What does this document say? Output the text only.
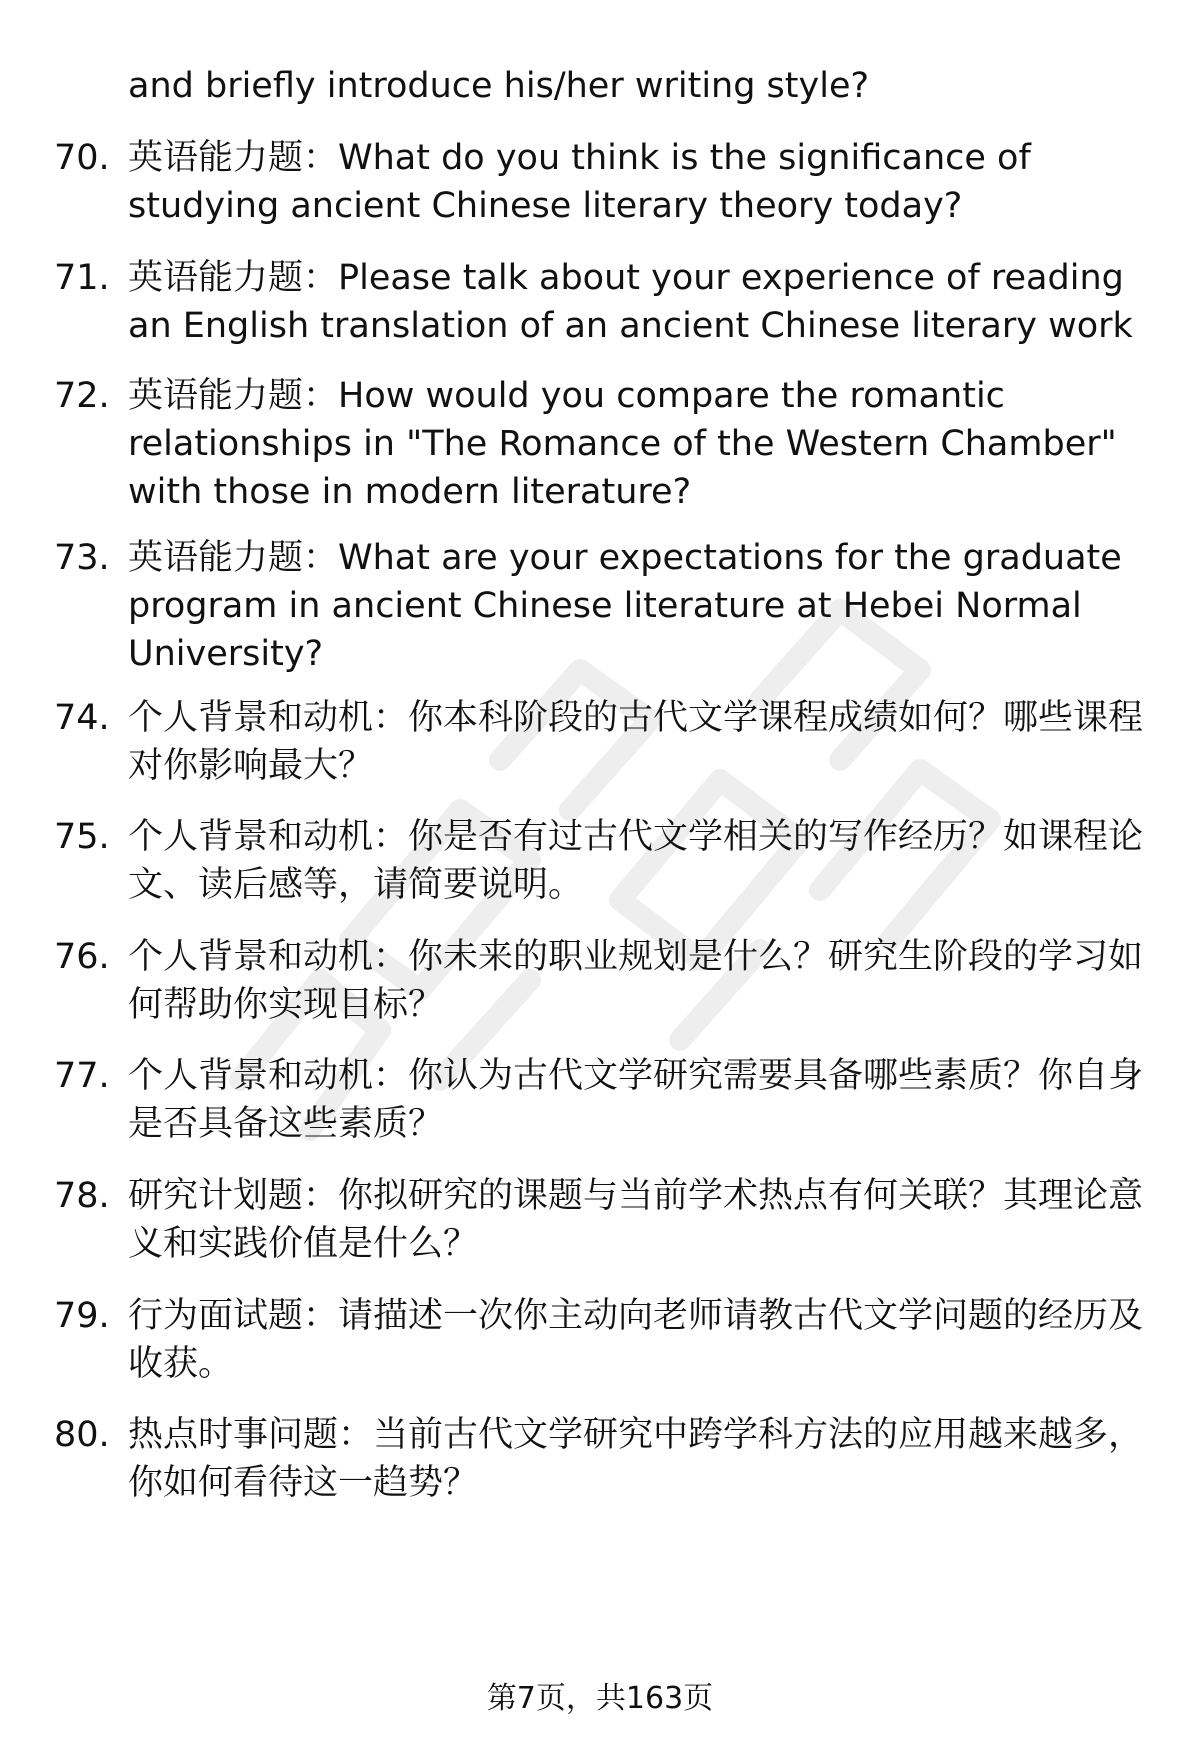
and briefly introduce his/her writing style?
70. 英语能力题：What do you think is the significance of studying ancient Chinese literary theory today?
71. 英语能力题：Please talk about your experience of reading an English translation of an ancient Chinese literary work
72. 英语能力题：How would you compare the romantic relationships in "The Romance of the Western Chamber" with those in modern literature?
73. 英语能力题：What are your expectations for the graduate program in ancient Chinese literature at Hebei Normal University?
74. 个人背景和动机：你本科阶段的古代文学课程成绩如何？哪些课程对你影响最大？
75. 个人背景和动机：你是否有过古代文学相关的写作经历？如课程论文、读后感等，请简要说明。
76. 个人背景和动机：你未来的职业规划是什么？研究生阶段的学习如何帮助你实现目标？
77. 个人背景和动机：你认为古代文学研究需要具备哪些素质？你自身是否具备这些素质？
78. 研究计划题：你拟研究的课题与当前学术热点有何关联？其理论意义和实践价值是什么？
79. 行为面试题：请描述一次你主动向老师请教古代文学问题的经历及收获。
80. 热点时事问题：当前古代文学研究中跨学科方法的应用越来越多，你如何看待这一趋势？
第7页，共163页
